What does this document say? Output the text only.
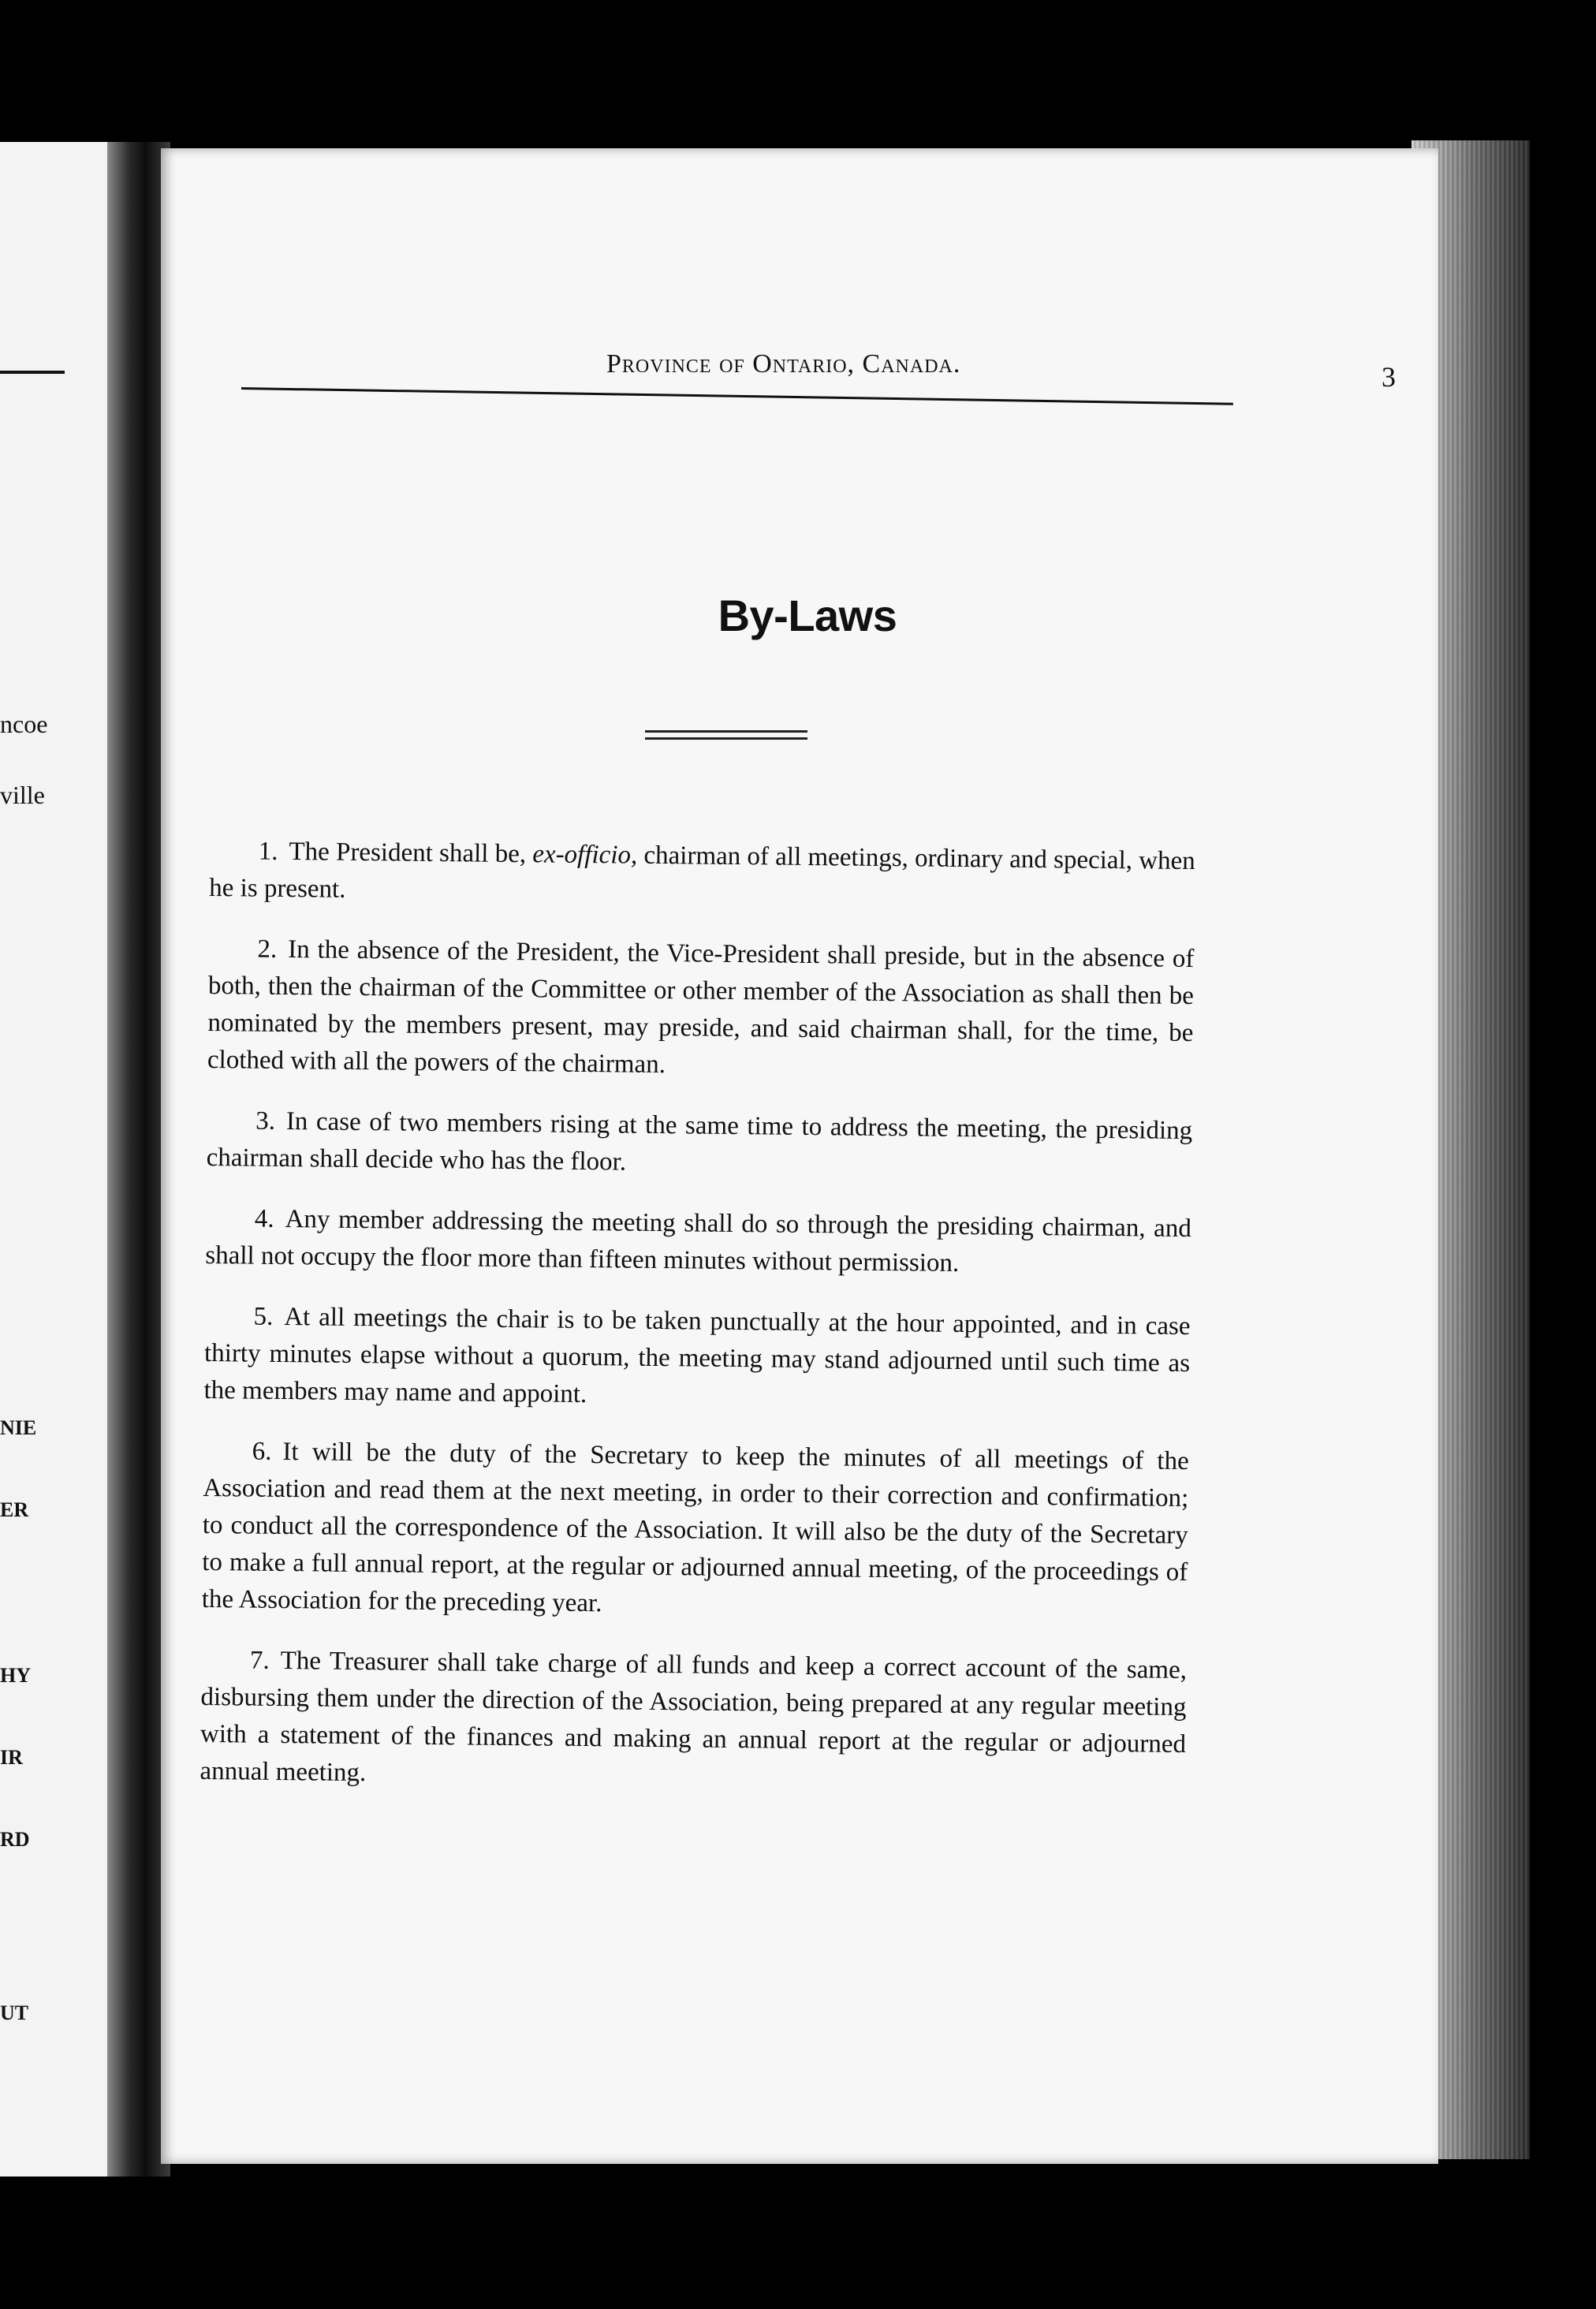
ncoe

ville

NIE

ER

HY

IR

RD

UT

Province of Ontario, Canada.	3

By-Laws
1. The President shall be, ex-officio, chairman of all meetings, ordinary and special, when he is present.
2. In the absence of the President, the Vice-President shall preside, but in the absence of both, then the chairman of the Committee or other member of the Association as shall then be nominated by the members present, may preside, and said chairman shall, for the time, be clothed with all the powers of the chairman.
3. In case of two members rising at the same time to address the meeting, the presiding chairman shall decide who has the floor.
4. Any member addressing the meeting shall do so through the presiding chairman, and shall not occupy the floor more than fifteen minutes without permission.
5. At all meetings the chair is to be taken punctually at the hour appointed, and in case thirty minutes elapse without a quorum, the meeting may stand adjourned until such time as the members may name and appoint.
6. It will be the duty of the Secretary to keep the minutes of all meetings of the Association and read them at the next meeting, in order to their correction and confirmation; to conduct all the correspondence of the Association. It will also be the duty of the Secretary to make a full annual report, at the regular or adjourned annual meeting, of the proceedings of the Association for the preceding year.
7. The Treasurer shall take charge of all funds and keep a correct account of the same, disbursing them under the direction of the Association, being prepared at any regular meeting with a statement of the finances and making an annual report at the regular or adjourned annual meeting.
